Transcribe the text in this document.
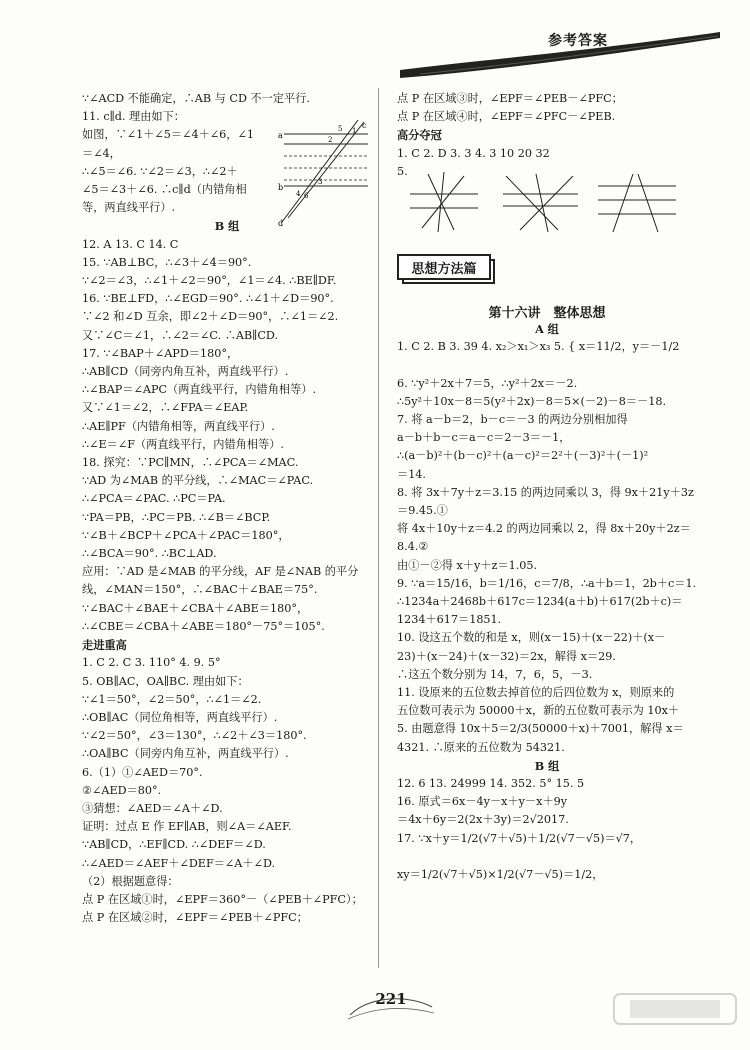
参考答案
∵∠ACD 不能确定，∴AB 与 CD 不一定平行.
11. c∥d. 理由如下：
如图，∵∠1＋∠5＝∠4＋∠6，∠1
＝∠4，
∴∠5＝∠6. ∵∠2＝∠3，∴∠2＋
∠5＝∠3＋∠6. ∴c∥d（内错角相
等，两直线平行）.
B 组
12. A 13. C 14. C
15. ∵AB⊥BC，∴∠3＋∠4＝90°.
∵∠2＝∠3，∴∠1＋∠2＝90°，∠1＝∠4. ∴BE∥DF.
16. ∵BE⊥FD，∴∠EGD＝90°. ∴∠1＋∠D＝90°.
∵∠2 和∠D 互余，即∠2＋∠D＝90°，∴∠1＝∠2.
又∵∠C＝∠1，∴∠2＝∠C. ∴AB∥CD.
17. ∵∠BAP＋∠APD＝180°，
∴AB∥CD（同旁内角互补，两直线平行）.
∴∠BAP＝∠APC（两直线平行，内错角相等）.
又∵∠1＝∠2，∴∠FPA＝∠EAP.
∴AE∥PF（内错角相等，两直线平行）.
∴∠E＝∠F（两直线平行，内错角相等）.
18. 探究：∵PC∥MN，∴∠PCA＝∠MAC.
∵AD 为∠MAB 的平分线，∴∠MAC＝∠PAC.
∴∠PCA＝∠PAC. ∴PC＝PA.
∵PA＝PB，∴PC＝PB. ∴∠B＝∠BCP.
∵∠B＋∠BCP＋∠PCA＋∠PAC＝180°，
∴∠BCA＝90°. ∴BC⊥AD.
应用：∵AD 是∠MAB 的平分线，AF 是∠NAB 的平分
线，∠MAN＝150°，∴∠BAC＋∠BAE＝75°.
∵∠BAC＋∠BAE＋∠CBA＋∠ABE＝180°，
∴∠CBE＝∠CBA＋∠ABE＝180°－75°＝105°.
走进重高
1. C 2. C 3. 110° 4. 9. 5°
5. OB∥AC，OA∥BC. 理由如下：
∵∠1＝50°，∠2＝50°，∴∠1＝∠2.
∴OB∥AC（同位角相等，两直线平行）.
∵∠2＝50°，∠3＝130°，∴∠2＋∠3＝180°.
∴OA∥BC（同旁内角互补，两直线平行）.
6.（1）①∠AED＝70°.
②∠AED＝80°.
③猜想：∠AED＝∠A＋∠D.
证明：过点 E 作 EF∥AB，则∠A＝∠AEF.
∵AB∥CD，∴EF∥CD. ∴∠DEF＝∠D.
∴∠AED＝∠AEF＋∠DEF＝∠A＋∠D.
（2）根据题意得：
点 P 在区域①时，∠EPF＝360°－（∠PEB＋∠PFC）；
点 P 在区域②时，∠EPF＝∠PEB＋∠PFC；
a
b
c
d
1
2
3
4
5
6
点 P 在区域③时，∠EPF＝∠PEB－∠PFC；
点 P 在区域④时，∠EPF＝∠PFC－∠PEB.
高分夺冠
1. C 2. D 3. 3 4. 3 10 20 32
5.
思想方法篇
第十六讲　整体思想
A 组
1. C 2. B 3. 39 4. x₂＞x₁＞x₃ 5. { x＝11/2，y＝－1/2
6. ∵y²＋2x＋7＝5，∴y²＋2x＝－2.
∴5y²＋10x－8＝5(y²＋2x)－8＝5×(－2)－8＝－18.
7. 将 a－b＝2，b－c＝－3 的两边分别相加得
a－b＋b－c＝a－c＝2－3＝－1，
∴(a－b)²＋(b－c)²＋(a－c)²＝2²＋(－3)²＋(－1)²
＝14.
8. 将 3x＋7y＋z＝3.15 的两边同乘以 3，得 9x＋21y＋3z
＝9.45.①
将 4x＋10y＋z＝4.2 的两边同乘以 2，得 8x＋20y＋2z＝
8.4.②
由①－②得 x＋y＋z＝1.05.
9. ∵a＝15/16，b＝1/16，c＝7/8，∴a＋b＝1，2b＋c＝1.
∴1234a＋2468b＋617c＝1234(a＋b)＋617(2b＋c)＝
1234＋617＝1851.
10. 设这五个数的和是 x，则(x－15)＋(x－22)＋(x－
23)＋(x－24)＋(x－32)＝2x，解得 x＝29.
∴这五个数分别为 14，7，6，5，－3.
11. 设原来的五位数去掉首位的后四位数为 x，则原来的
五位数可表示为 50000＋x，新的五位数可表示为 10x＋
5. 由题意得 10x＋5＝2/3(50000＋x)＋7001，解得 x＝
4321. ∴原来的五位数为 54321.
B 组
12. 6 13. 24999 14. 352. 5° 15. 5
16. 原式＝6x－4y－x＋y－x＋9y
＝4x＋6y＝2(2x＋3y)＝2√2017.
17. ∵x＋y＝1/2(√7＋√5)＋1/2(√7－√5)＝√7，
xy＝1/2(√7＋√5)×1/2(√7－√5)＝1/2，
221
